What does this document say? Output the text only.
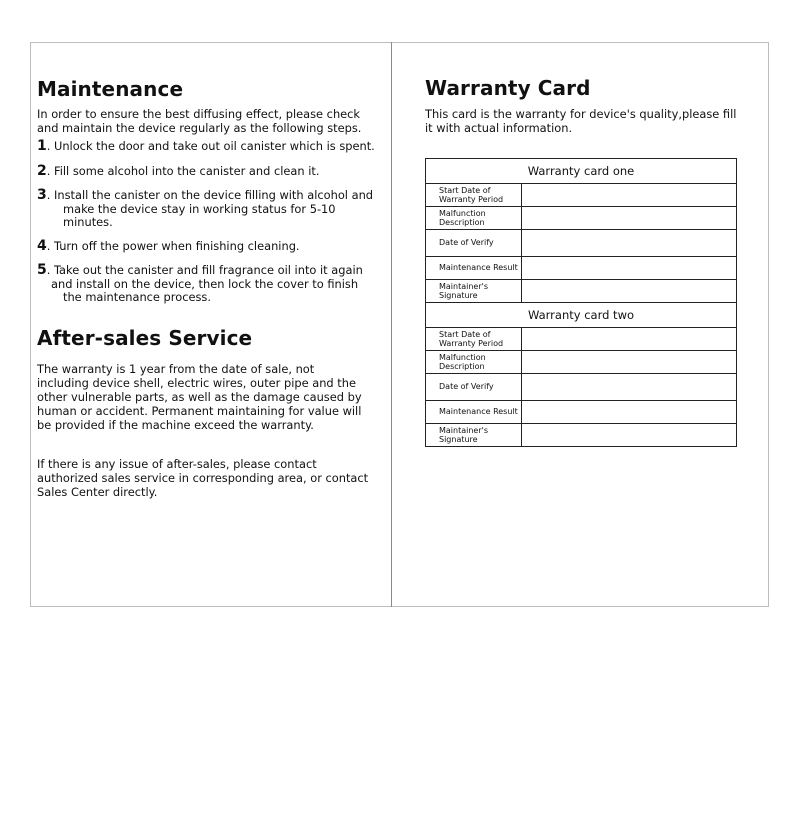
Maintenance

In order to ensure the best diffusing effect, please check and maintain the device regularly as the following steps.

1. Unlock the door and take out oil canister which is spent.
2. Fill some alcohol into the canister and clean it.
3. Install the canister on the device filling with alcohol and
make the device stay in working status for 5-10 minutes.
4. Turn off the power when finishing cleaning.
5. Take out the canister and fill fragrance oil into it again
and install on the device, then lock the cover to finish
the maintenance process.
After-sales Service

The warranty is 1 year from the date of sale, not including device shell, electric wires, outer pipe and the other vulnerable parts, as well as the damage caused by human or accident. Permanent maintaining for value will be provided if the machine exceed the warranty.

If there is any issue of after-sales, please contact authorized sales service in corresponding area, or contact Sales Center directly.

Warranty Card

This card is the warranty for device's quality,please fill it with actual information.

Warranty card one	
Start Date of Warranty Period	
Malfunction Description	
Date of Verify	
Maintenance Result	
Maintainer's Signature	
Warranty card two	
Start Date of Warranty Period	
Malfunction Description	
Date of Verify	
Maintenance Result	
Maintainer's Signature	
